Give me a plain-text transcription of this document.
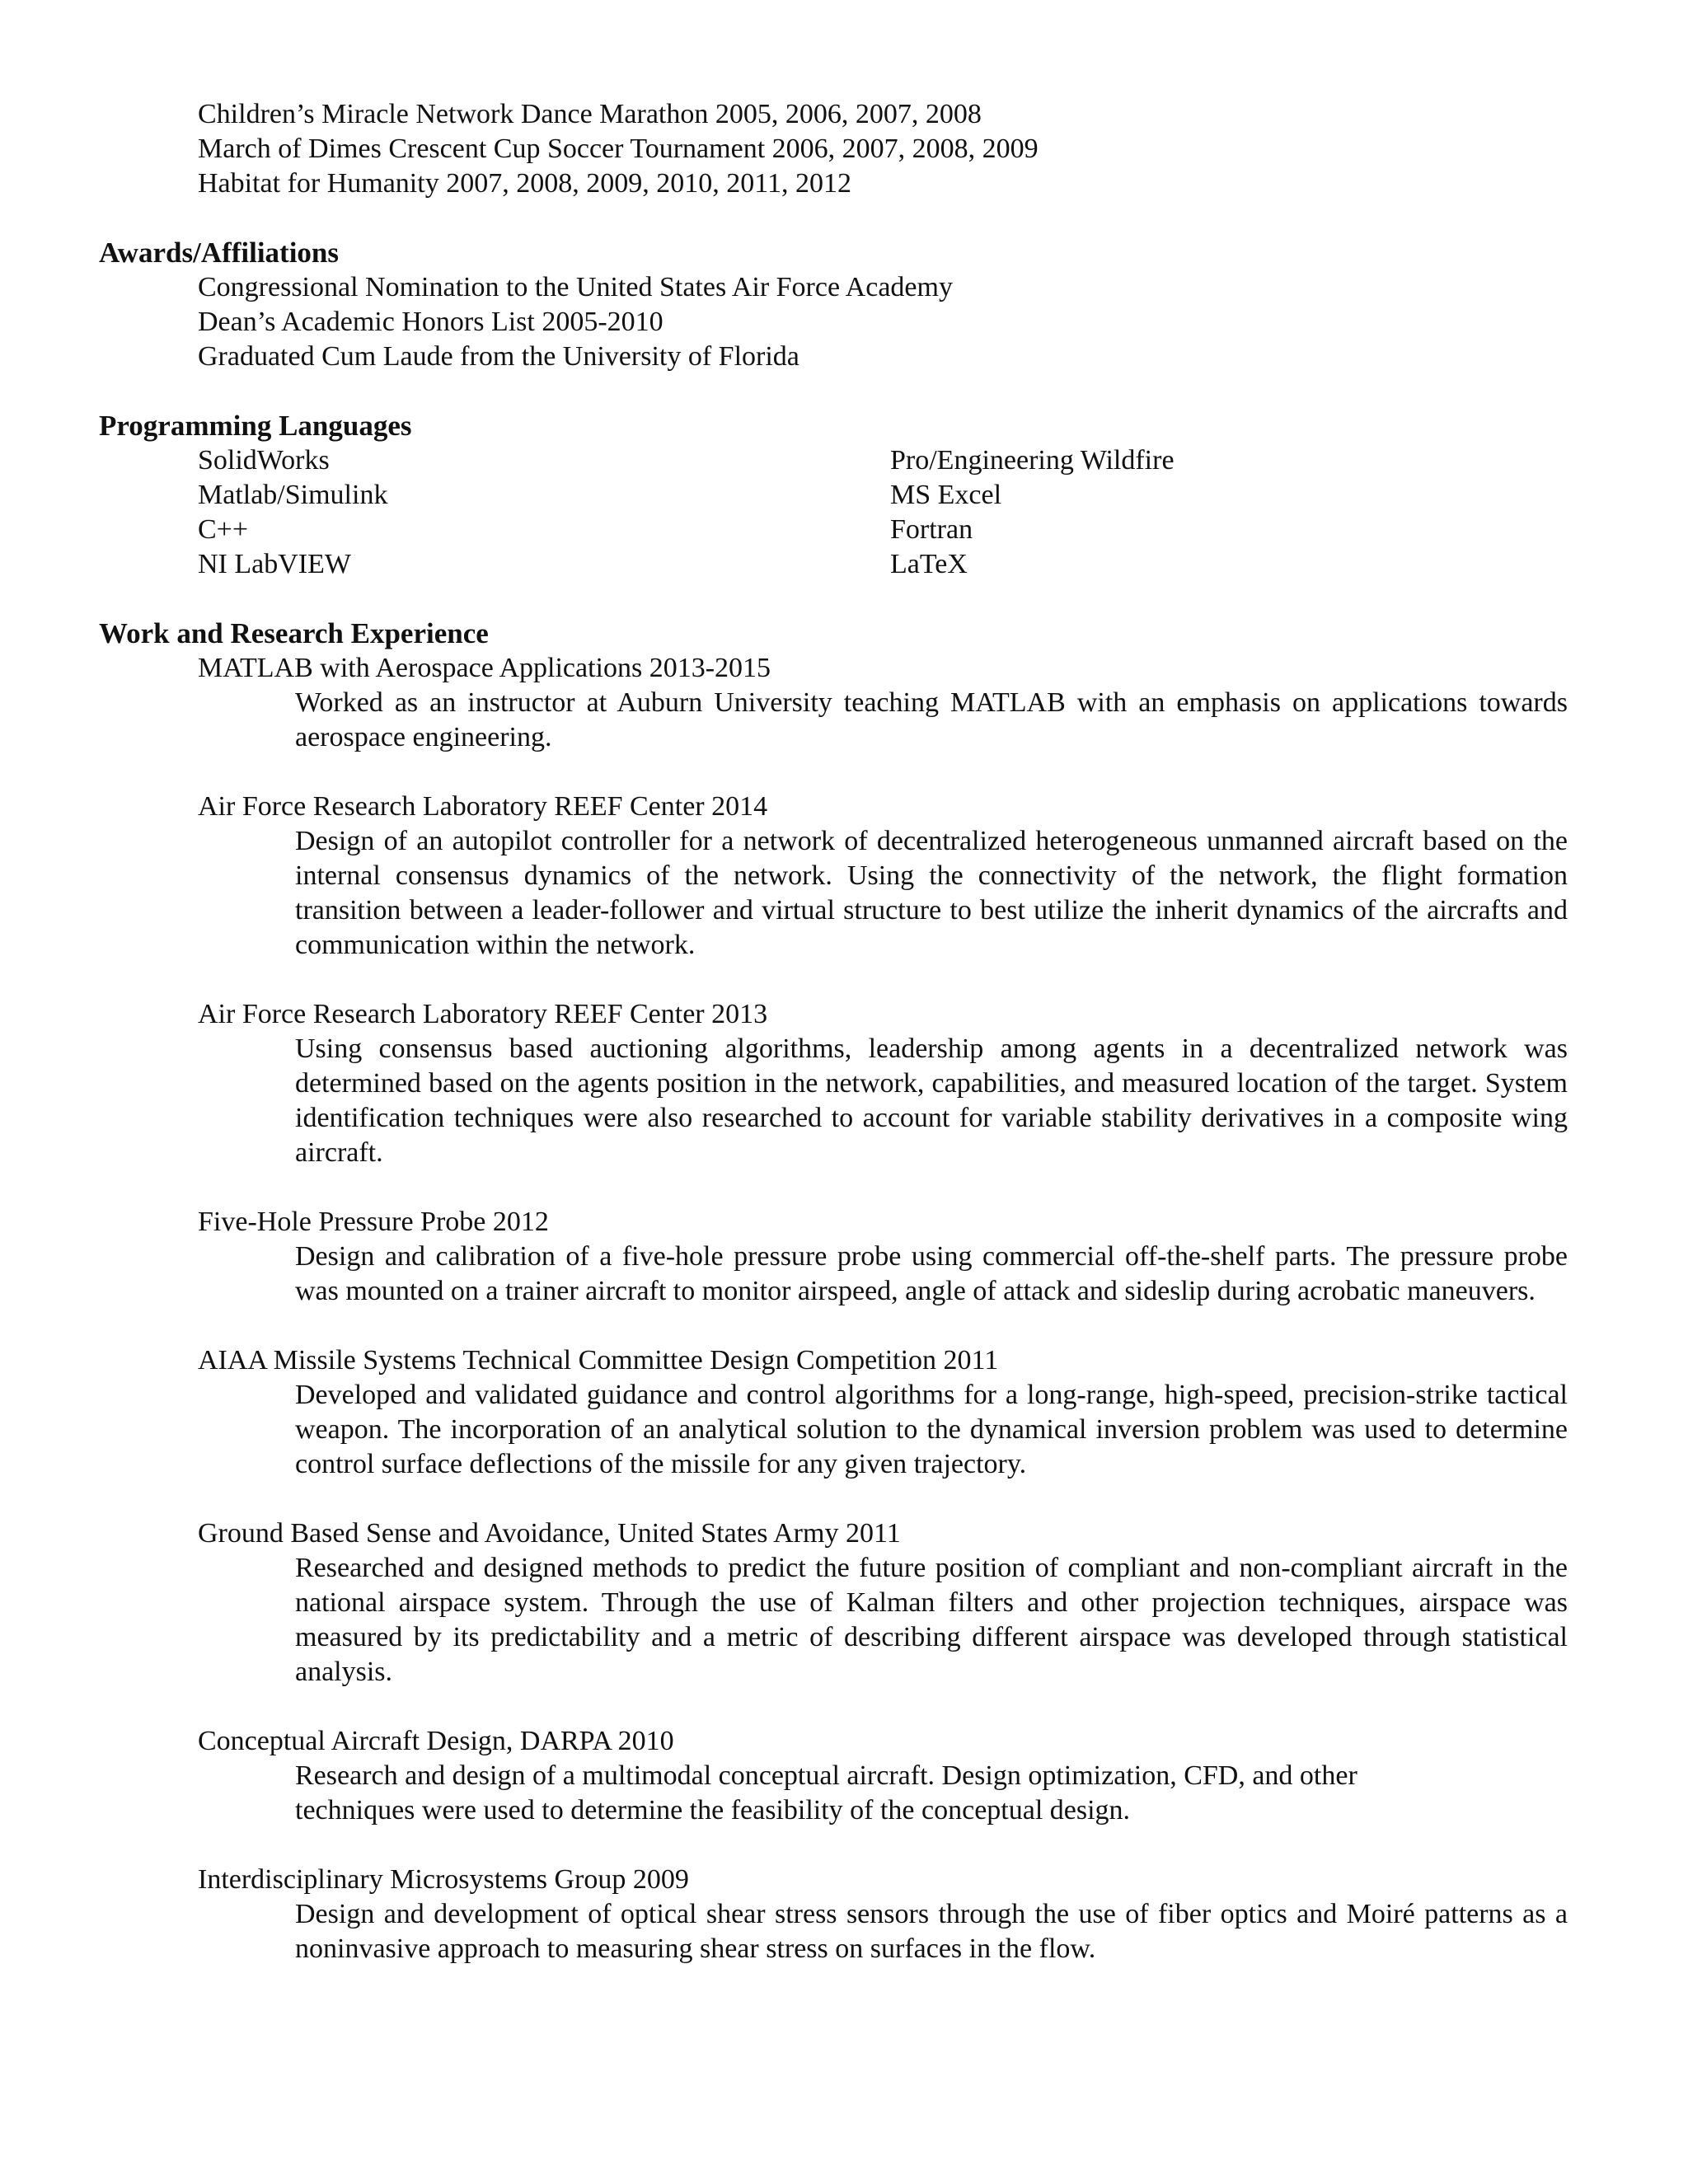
Children’s Miracle Network Dance Marathon 2005, 2006, 2007, 2008
March of Dimes Crescent Cup Soccer Tournament 2006, 2007, 2008, 2009
Habitat for Humanity 2007, 2008, 2009, 2010, 2011, 2012
Awards/Affiliations
Congressional Nomination to the United States Air Force Academy
Dean’s Academic Honors List 2005-2010
Graduated Cum Laude from the University of Florida
Programming Languages
SolidWorks	Pro/Engineering Wildfire
Matlab/Simulink	MS Excel
C++	Fortran
NI LabVIEW	LaTeX
Work and Research Experience
MATLAB with Aerospace Applications 2013-2015
Worked as an instructor at Auburn University teaching MATLAB with an emphasis on applications towards aerospace engineering.
Air Force Research Laboratory REEF Center 2014
Design of an autopilot controller for a network of decentralized heterogeneous unmanned aircraft based on the internal consensus dynamics of the network. Using the connectivity of the network, the flight formation transition between a leader-follower and virtual structure to best utilize the inherit dynamics of the aircrafts and communication within the network.
Air Force Research Laboratory REEF Center 2013
Using consensus based auctioning algorithms, leadership among agents in a decentralized network was determined based on the agents position in the network, capabilities, and measured location of the target. System identification techniques were also researched to account for variable stability derivatives in a composite wing aircraft.
Five-Hole Pressure Probe 2012
Design and calibration of a five-hole pressure probe using commercial off-the-shelf parts. The pressure probe was mounted on a trainer aircraft to monitor airspeed, angle of attack and sideslip during acrobatic maneuvers.
AIAA Missile Systems Technical Committee Design Competition 2011
Developed and validated guidance and control algorithms for a long-range, high-speed, precision-strike tactical weapon. The incorporation of an analytical solution to the dynamical inversion problem was used to determine control surface deflections of the missile for any given trajectory.
Ground Based Sense and Avoidance, United States Army 2011
Researched and designed methods to predict the future position of compliant and non-compliant aircraft in the national airspace system. Through the use of Kalman filters and other projection techniques, airspace was measured by its predictability and a metric of describing different airspace was developed through statistical analysis.
Conceptual Aircraft Design, DARPA 2010
Research and design of a multimodal conceptual aircraft. Design optimization, CFD, and other
techniques were used to determine the feasibility of the conceptual design.
Interdisciplinary Microsystems Group 2009
Design and development of optical shear stress sensors through the use of fiber optics and Moiré patterns as a noninvasive approach to measuring shear stress on surfaces in the flow.
